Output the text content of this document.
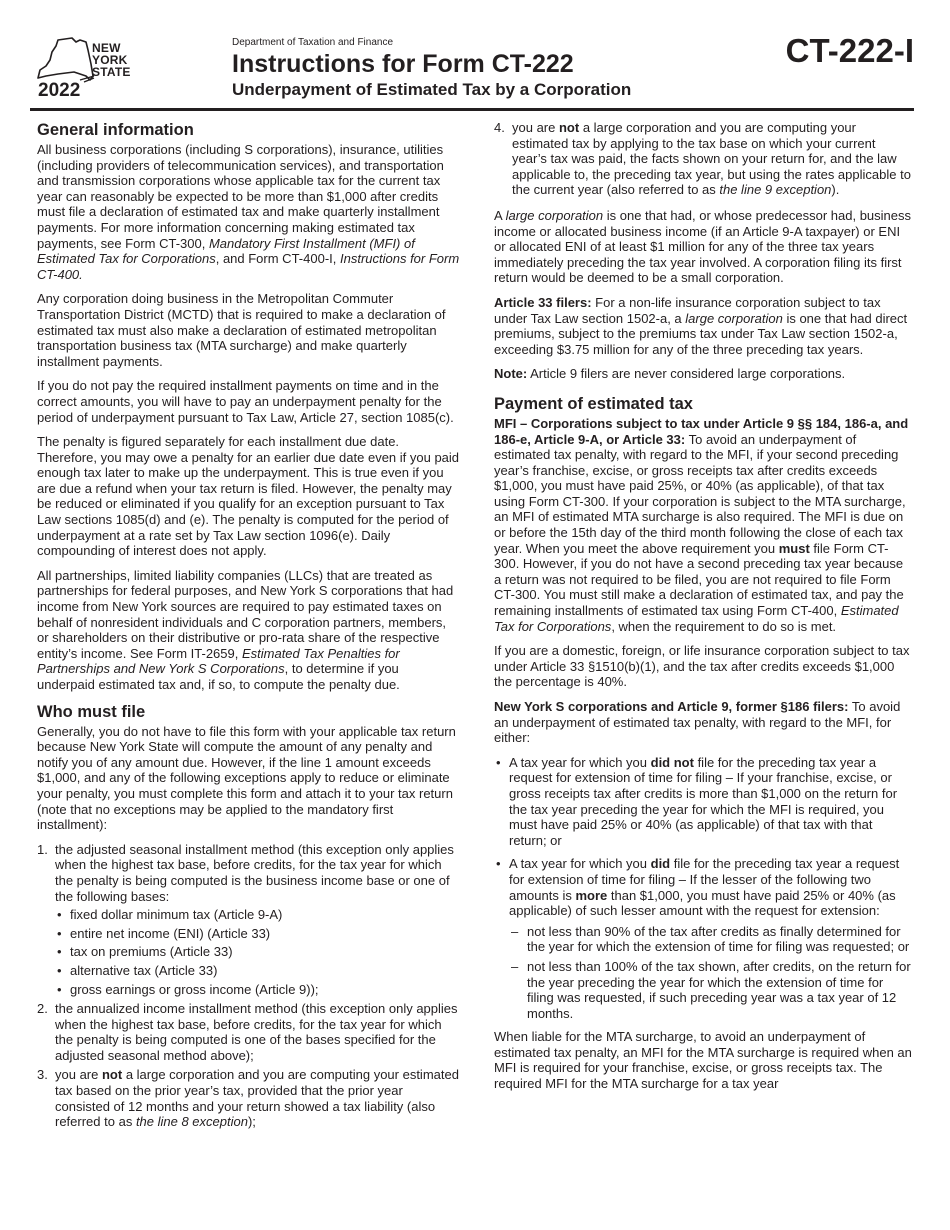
NEW
YORK
STATE
2022
Department of Taxation and Finance
Instructions for Form CT-222
Underpayment of Estimated Tax by a Corporation
CT-222-I
General information

All business corporations (including S corporations), insurance, utilities (including providers of telecommunication services), and transportation and transmission corporations whose applicable tax for the current tax year can reasonably be expected to be more than $1,000 after credits must file a declaration of estimated tax and make quarterly installment payments. For more information concerning making estimated tax payments, see Form CT-300, Mandatory First Installment (MFI) of Estimated Tax for Corporations, and Form CT-400-I, Instructions for Form CT-400.

Any corporation doing business in the Metropolitan Commuter Transportation District (MCTD) that is required to make a declaration of estimated tax must also make a declaration of estimated metropolitan transportation business tax (MTA surcharge) and make quarterly installment payments.

If you do not pay the required installment payments on time and in the correct amounts, you will have to pay an underpayment penalty for the period of underpayment pursuant to Tax Law, Article 27, section 1085(c).

The penalty is figured separately for each installment due date. Therefore, you may owe a penalty for an earlier due date even if you paid enough tax later to make up the underpayment. This is true even if you are due a refund when your tax return is filed. However, the penalty may be reduced or eliminated if you qualify for an exception pursuant to Tax Law sections 1085(d) and (e). The penalty is computed for the period of underpayment at a rate set by Tax Law section 1096(e). Daily compounding of interest does not apply.

All partnerships, limited liability companies (LLCs) that are treated as partnerships for federal purposes, and New York S corporations that had income from New York sources are required to pay estimated taxes on behalf of nonresident individuals and C corporation partners, members, or shareholders on their distributive or pro-rata share of the respective entity’s income. See Form IT-2659, Estimated Tax Penalties for Partnerships and New York S Corporations, to determine if you underpaid estimated tax and, if so, to compute the penalty due.

Who must file

Generally, you do not have to file this form with your applicable tax return because New York State will compute the amount of any penalty and notify you of any amount due. However, if the line 1 amount exceeds $1,000, and any of the following exceptions apply to reduce or eliminate your penalty, you must complete this form and attach it to your tax return (note that no exceptions may be applied to the mandatory first installment):

1. the adjusted seasonal installment method (this exception only applies when the highest tax base, before credits, for the tax year for which the penalty is being computed is the business income base or one of the following bases:
• fixed dollar minimum tax (Article 9-A)
• entire net income (ENI) (Article 33)
• tax on premiums (Article 33)
• alternative tax (Article 33)
• gross earnings or gross income (Article 9));
2. the annualized income installment method (this exception only applies when the highest tax base, before credits, for the tax year for which the penalty is being computed is one of the bases specified for the adjusted seasonal method above);
3. you are not a large corporation and you are computing your estimated tax based on the prior year’s tax, provided that the prior year consisted of 12 months and your return showed a tax liability (also referred to as the line 8 exception);
4. you are not a large corporation and you are computing your estimated tax by applying to the tax base on which your current year’s tax was paid, the facts shown on your return for, and the law applicable to, the preceding tax year, but using the rates applicable to the current year (also referred to as the line 9 exception).

A large corporation is one that had, or whose predecessor had, business income or allocated business income (if an Article 9-A taxpayer) or ENI or allocated ENI of at least $1 million for any of the three tax years immediately preceding the tax year involved. A corporation filing its first return would be deemed to be a small corporation.

Article 33 filers: For a non-life insurance corporation subject to tax under Tax Law section 1502-a, a large corporation is one that had direct premiums, subject to the premiums tax under Tax Law section 1502-a, exceeding $3.75 million for any of the three preceding tax years.

Note: Article 9 filers are never considered large corporations.

Payment of estimated tax

MFI – Corporations subject to tax under Article 9 §§ 184, 186-a, and 186-e, Article 9-A, or Article 33: To avoid an underpayment of estimated tax penalty, with regard to the MFI, if your second preceding year’s franchise, excise, or gross receipts tax after credits exceeds $1,000, you must have paid 25%, or 40% (as applicable), of that tax using Form CT-300. If your corporation is subject to the MTA surcharge, an MFI of estimated MTA surcharge is also required. The MFI is due on or before the 15th day of the third month following the close of each tax year. When you meet the above requirement you must file Form CT-300. However, if you do not have a second preceding tax year because a return was not required to be filed, you are not required to file Form CT-300. You must still make a declaration of estimated tax, and pay the remaining installments of estimated tax using Form CT-400, Estimated Tax for Corporations, when the requirement to do so is met.

If you are a domestic, foreign, or life insurance corporation subject to tax under Article 33 §1510(b)(1), and the tax after credits exceeds $1,000 the percentage is 40%.

New York S corporations and Article 9, former §186 filers: To avoid an underpayment of estimated tax penalty, with regard to the MFI, for either:

• A tax year for which you did not file for the preceding tax year a request for extension of time for filing – If your franchise, excise, or gross receipts tax after credits is more than $1,000 on the return for the tax year preceding the year for which the MFI is required, you must have paid 25% or 40% (as applicable) of that tax with that return; or
• A tax year for which you did file for the preceding tax year a request for extension of time for filing – If the lesser of the following two amounts is more than $1,000, you must have paid 25% or 40% (as applicable) of such lesser amount with the request for extension:
– not less than 90% of the tax after credits as finally determined for the year for which the extension of time for filing was requested; or
– not less than 100% of the tax shown, after credits, on the return for the year preceding the year for which the extension of time for filing was requested, if such preceding year was a tax year of 12 months.

When liable for the MTA surcharge, to avoid an underpayment of estimated tax penalty, an MFI for the MTA surcharge is required when an MFI is required for your franchise, excise, or gross receipts tax. The required MFI for the MTA surcharge for a tax year
